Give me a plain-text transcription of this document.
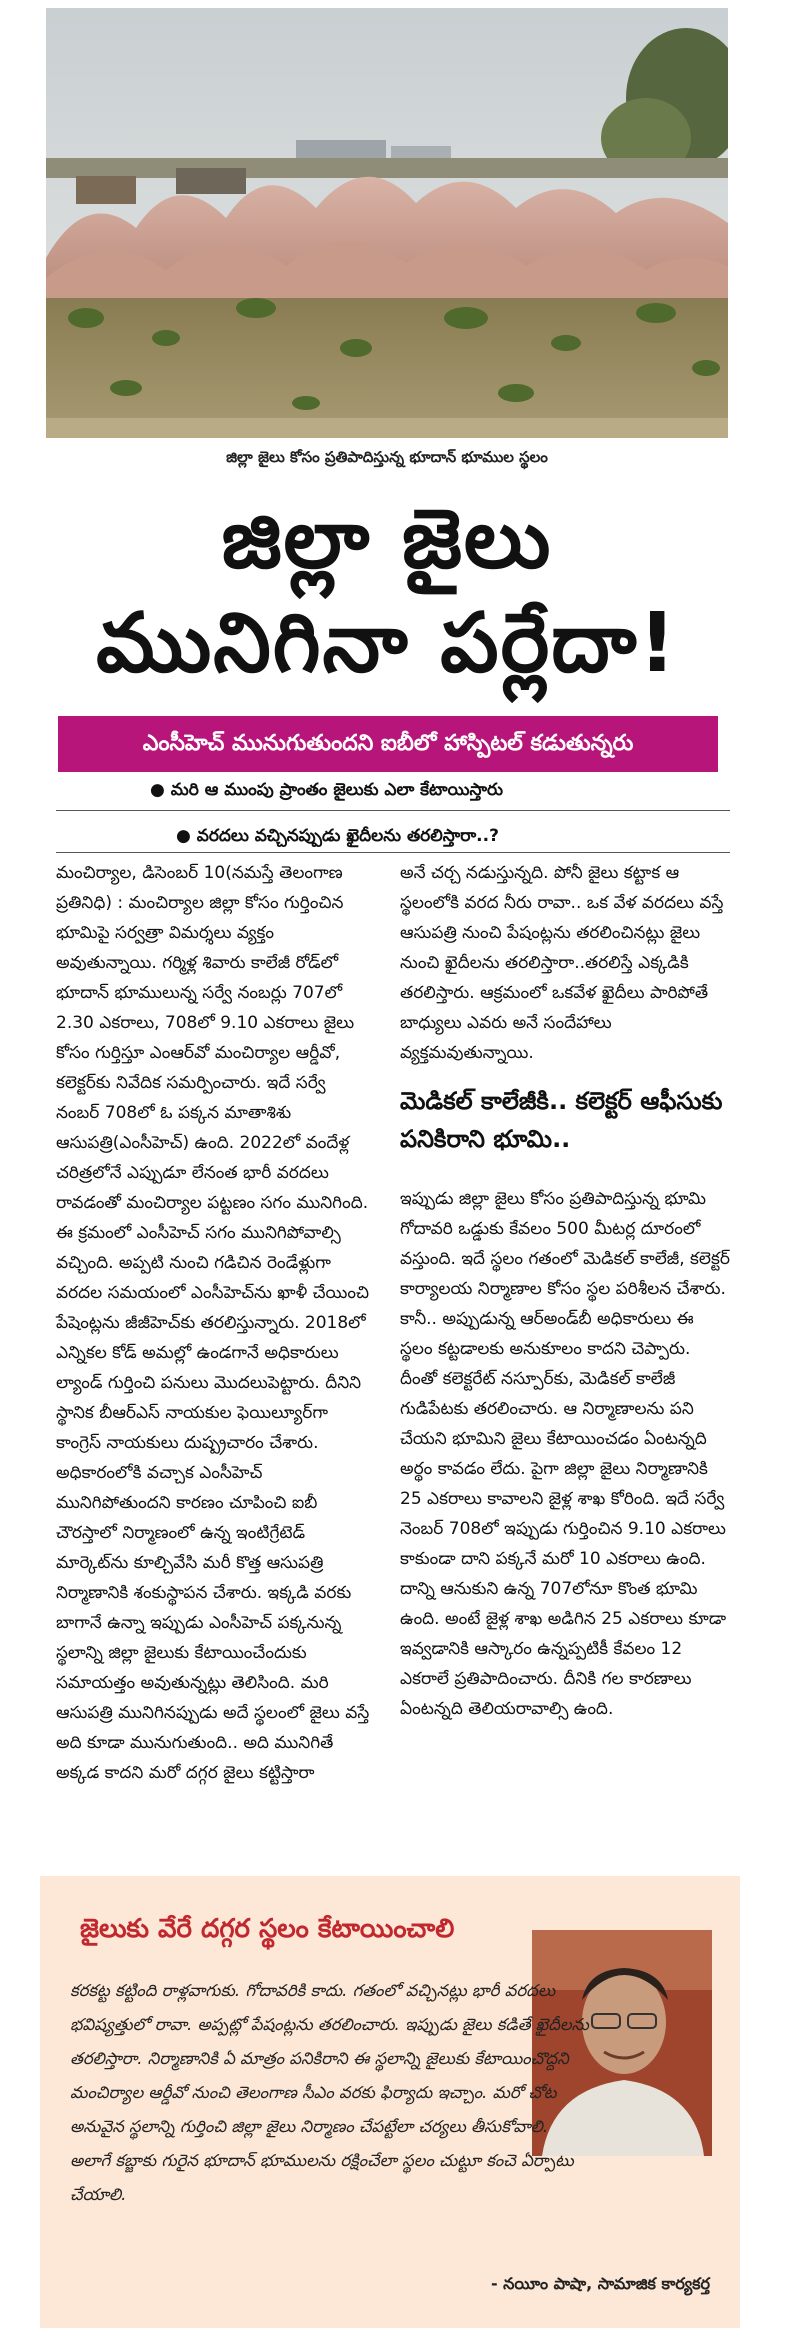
జిల్లా జైలు కోసం ప్రతిపాదిస్తున్న భూదాన్ భూముల స్థలం
జిల్లా జైలు
మునిగినా పర్లేదా!
ఎంసీహెచ్ మునుగుతుందని ఐబీలో హాస్పిటల్ కడుతున్నరు
● మరి ఆ ముంపు ప్రాంతం జైలుకు ఎలా కేటాయిస్తారు
● వరదలు వచ్చినప్పుడు ఖైదీలను తరలిస్తారా..?

మంచిర్యాల, డిసెంబర్ 10(నమస్తే తెలంగాణ ప్రతినిధి) : మంచిర్యాల జిల్లా కోసం గుర్తించిన భూమిపై సర్వత్రా విమర్శలు వ్యక్తం అవుతున్నాయి. గర్మిళ్ల శివారు కాలేజీ రోడ్‌లో భూదాన్ భూములున్న సర్వే నంబర్లు 707లో 2.30 ఎకరాలు, 708లో 9.10 ఎకరాలు జైలు కోసం గుర్తిస్తూ ఎంఆర్‌వో మంచిర్యాల ఆర్డీవో, కలెక్టర్‌కు నివేదిక సమర్పించారు. ఇదే సర్వే నంబర్ 708లో ఓ పక్కన మాతాశిశు ఆసుపత్రి(ఎంసీహెచ్) ఉంది. 2022లో వందేళ్ల చరిత్రలోనే ఎప్పుడూ లేనంత భారీ వరదలు రావడంతో మంచిర్యాల పట్టణం సగం మునిగింది. ఈ క్రమంలో ఎంసీహెచ్ సగం మునిగిపోవాల్సి వచ్చింది. అప్పటి నుంచి గడిచిన రెండేళ్లుగా వరదల సమయంలో ఎంసీహెచ్‌ను ఖాళీ చేయించి పేషెంట్లను జీజీహెచ్‌కు తరలిస్తున్నారు. 2018లో ఎన్నికల కోడ్ అమల్లో ఉండగానే అధికారులు ల్యాండ్ గుర్తించి పనులు మొదలుపెట్టారు. దీనిని స్థానిక బీఆర్ఎస్ నాయకుల ఫెయిల్యూర్‌గా కాంగ్రెస్ నాయకులు దుష్ప్రచారం చేశారు. అధికారంలోకి వచ్చాక ఎంసీహెచ్ మునిగిపోతుందని కారణం చూపించి ఐబీ చౌరస్తాలో నిర్మాణంలో ఉన్న ఇంటిగ్రేటెడ్ మార్కెట్‌ను కూల్చివేసి మరీ కొత్త ఆసుపత్రి నిర్మాణానికి శంకుస్థాపన చేశారు. ఇక్కడి వరకు బాగానే ఉన్నా ఇప్పుడు ఎంసీహెచ్ పక్కనున్న స్థలాన్ని జిల్లా జైలుకు కేటాయించేందుకు సమాయత్తం అవుతున్నట్లు తెలిసింది. మరి ఆసుపత్రి మునిగినప్పుడు అదే స్థలంలో జైలు వస్తే అది కూడా మునుగుతుంది.. అది మునిగితే అక్కడ కాదని మరో దగ్గర జైలు కట్టిస్తారా

అనే చర్చ నడుస్తున్నది. పోనీ జైలు కట్టాక ఆ స్థలంలోకి వరద నీరు రావా.. ఒక వేళ వరదలు వస్తే ఆసుపత్రి నుంచి పేషంట్లను తరలించినట్లు జైలు నుంచి ఖైదీలను తరలిస్తారా..తరలిస్తే ఎక్కడికి తరలిస్తారు. ఆక్రమంలో ఒకవేళ ఖైదీలు పారిపోతే బాధ్యులు ఎవరు అనే సందేహాలు వ్యక్తమవుతున్నాయి.

మెడికల్ కాలేజీకి.. కలెక్టర్ ఆఫీసుకు పనికిరాని భూమి..

ఇప్పుడు జిల్లా జైలు కోసం ప్రతిపాదిస్తున్న భూమి గోదావరి ఒడ్డుకు కేవలం 500 మీటర్ల దూరంలో వస్తుంది. ఇదే స్థలం గతంలో మెడికల్ కాలేజీ, కలెక్టర్ కార్యాలయ నిర్మాణాల కోసం స్థల పరిశీలన చేశారు. కానీ.. అప్పుడున్న ఆర్అండ్‌బీ అధికారులు ఈ స్థలం కట్టడాలకు అనుకూలం కాదని చెప్పారు. దీంతో కలెక్టరేట్ నస్పూర్‌కు, మెడికల్ కాలేజీ గుడిపేటకు తరలించారు. ఆ నిర్మాణాలను పని చేయని భూమిని జైలు కేటాయించడం ఏంటన్నది అర్థం కావడం లేదు. పైగా జిల్లా జైలు నిర్మాణానికి 25 ఎకరాలు కావాలని జైళ్ల శాఖ కోరింది. ఇదే సర్వే నెంబర్ 708లో ఇప్పుడు గుర్తించిన 9.10 ఎకరాలు కాకుండా దాని పక్కనే మరో 10 ఎకరాలు ఉంది. దాన్ని ఆనుకుని ఉన్న 707లోనూ కొంత భూమి ఉంది. అంటే జైళ్ల శాఖ అడిగిన 25 ఎకరాలు కూడా ఇవ్వడానికి ఆస్కారం ఉన్నప్పటికీ కేవలం 12 ఎకరాలే ప్రతిపాదించారు. దీనికి గల కారణాలు ఏంటన్నది తెలియరావాల్సి ఉంది.

జైలుకు వేరే దగ్గర స్థలం కేటాయించాలి
కరకట్ట కట్టింది రాళ్లవాగుకు. గోదావరికి కాదు. గతంలో వచ్చినట్లు భారీ వరదలు భవిష్యత్తులో రావా. అప్పట్లో పేషంట్లను తరలించారు. ఇప్పుడు జైలు కడితే ఖైదీలను తరలిస్తారా. నిర్మాణానికి ఏ మాత్రం పనికిరాని ఈ స్థలాన్ని జైలుకు కేటాయించొద్దని మంచిర్యాల ఆర్డీవో నుంచి తెలంగాణ సీఎం వరకు ఫిర్యాదు ఇచ్చాం. మరో చోట అనువైన స్థలాన్ని గుర్తించి జిల్లా జైలు నిర్మాణం చేపట్టేలా చర్యలు తీసుకోవాలి. అలాగే కబ్జాకు గురైన భూదాన్ భూములను రక్షించేలా స్థలం చుట్టూ కంచె ఏర్పాటు చేయాలి.
- నయీం పాషా, సామాజిక కార్యకర్త
